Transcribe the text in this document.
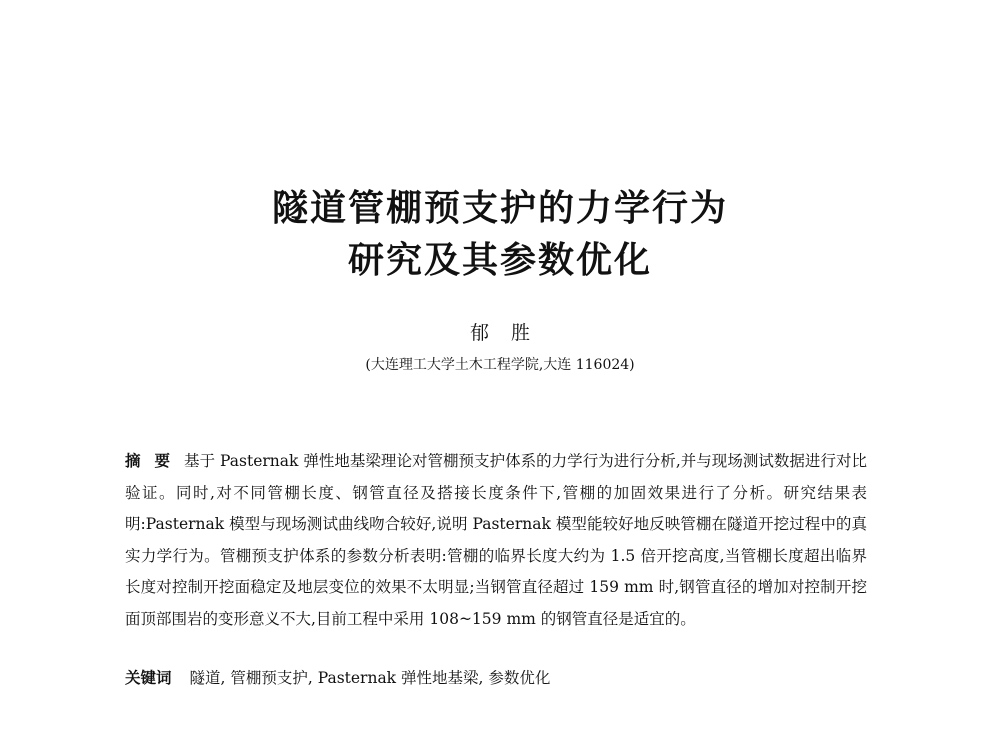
隧道管棚预支护的力学行为
研究及其参数优化
郁胜
(大连理工大学土木工程学院,大连 116024)

摘要基于 Pasternak 弹性地基梁理论对管棚预支护体系的力学行为进行分析,并与现场测试数据进行对比验证。同时,对不同管棚长度、钢管直径及搭接长度条件下,管棚的加固效果进行了分析。研究结果表明:Pasternak 模型与现场测试曲线吻合较好,说明 Pasternak 模型能较好地反映管棚在隧道开挖过程中的真实力学行为。管棚预支护体系的参数分析表明:管棚的临界长度大约为 1.5 倍开挖高度,当管棚长度超出临界长度对控制开挖面稳定及地层变位的效果不太明显;当钢管直径超过 159 mm 时,钢管直径的增加对控制开挖面顶部围岩的变形意义不大,目前工程中采用 108~159 mm 的钢管直径是适宜的。

关键词 隧道, 管棚预支护, Pasternak 弹性地基梁, 参数优化
